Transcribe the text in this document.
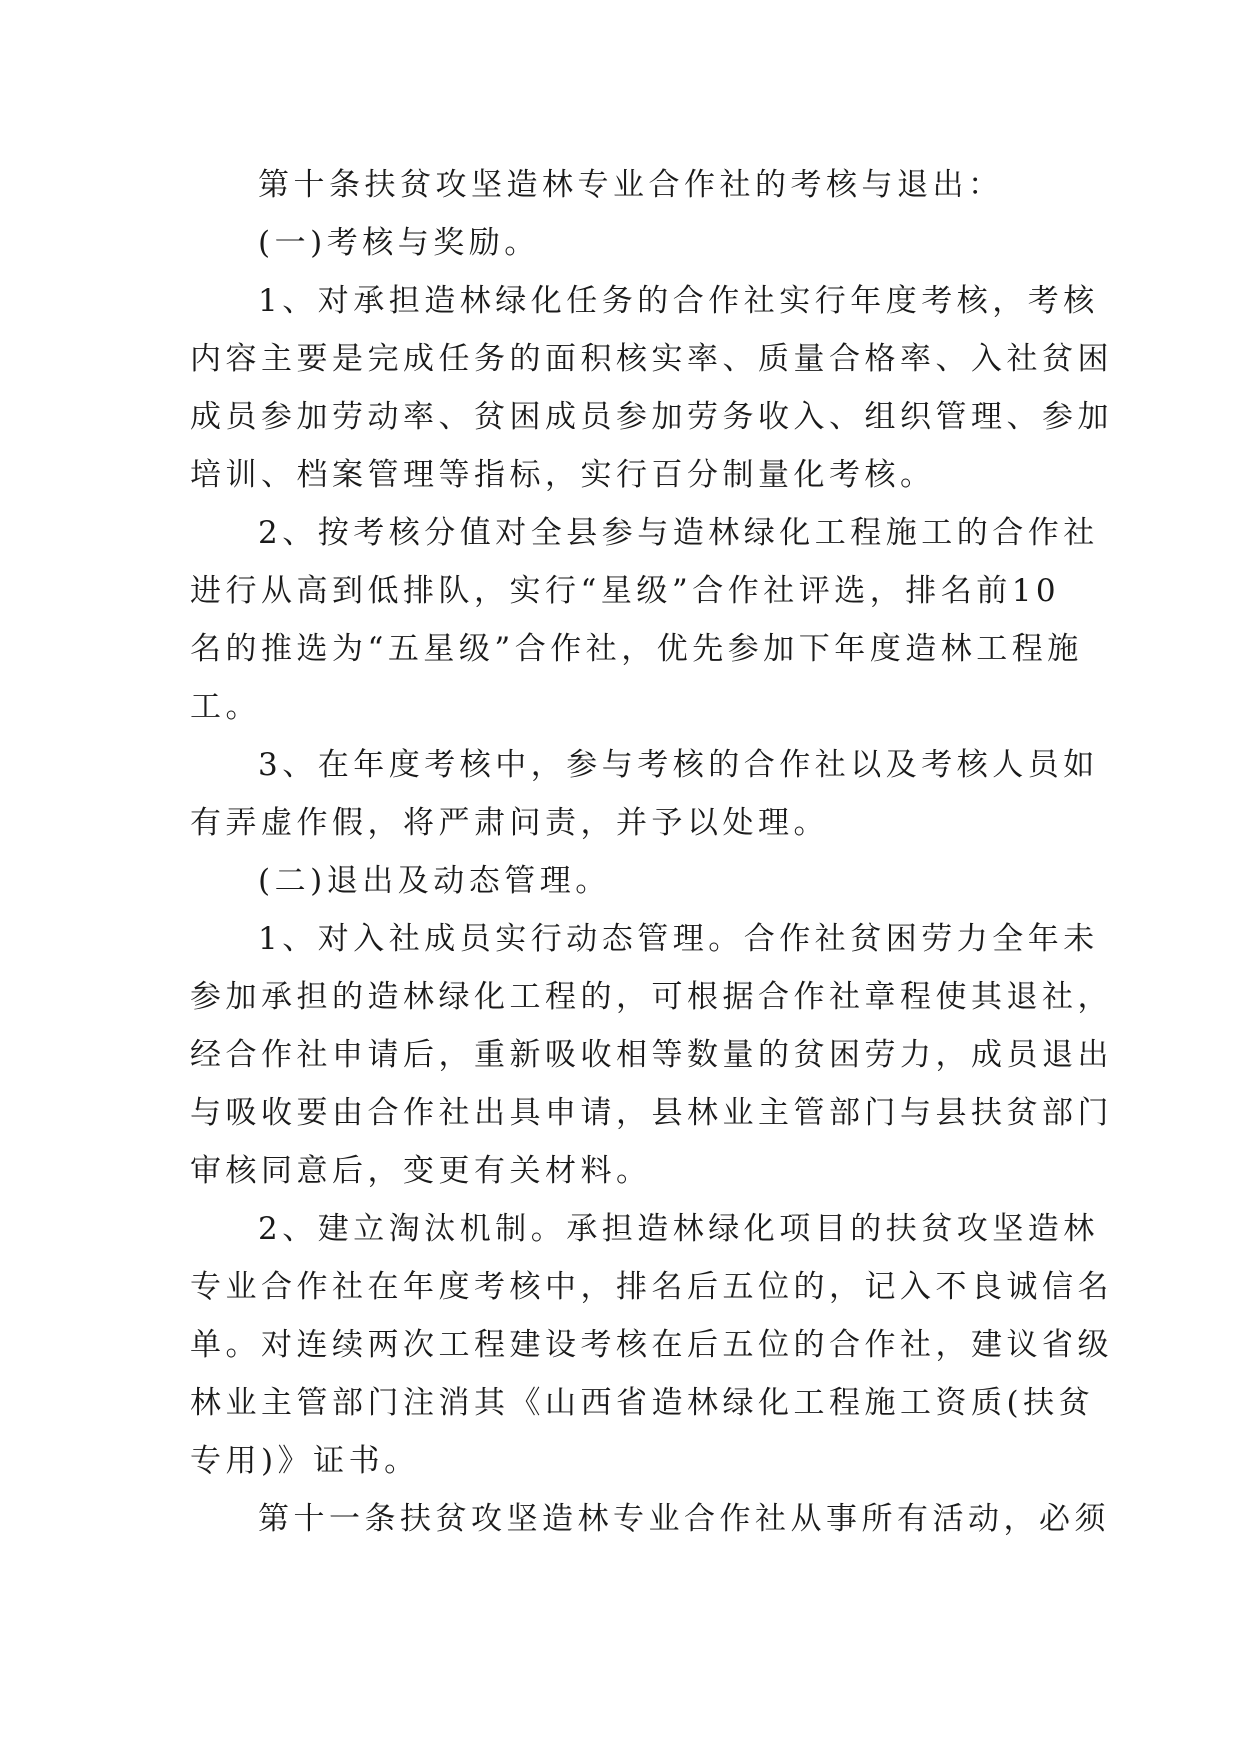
第十条扶贫攻坚造林专业合作社的考核与退出：
(一)考核与奖励。
1、对承担造林绿化任务的合作社实行年度考核，考核
内容主要是完成任务的面积核实率、质量合格率、入社贫困
成员参加劳动率、贫困成员参加劳务收入、组织管理、参加
培训、档案管理等指标，实行百分制量化考核。
2、按考核分值对全县参与造林绿化工程施工的合作社
进行从高到低排队，实行“星级”合作社评选，排名前10
名的推选为“五星级”合作社，优先参加下年度造林工程施
工。
3、在年度考核中，参与考核的合作社以及考核人员如
有弄虚作假，将严肃问责，并予以处理。
(二)退出及动态管理。
1、对入社成员实行动态管理。合作社贫困劳力全年未
参加承担的造林绿化工程的，可根据合作社章程使其退社，
经合作社申请后，重新吸收相等数量的贫困劳力，成员退出
与吸收要由合作社出具申请，县林业主管部门与县扶贫部门
审核同意后，变更有关材料。
2、建立淘汰机制。承担造林绿化项目的扶贫攻坚造林
专业合作社在年度考核中，排名后五位的，记入不良诚信名
单。对连续两次工程建设考核在后五位的合作社，建议省级
林业主管部门注消其《山西省造林绿化工程施工资质(扶贫
专用)》证书。
第十一条扶贫攻坚造林专业合作社从事所有活动，必须
